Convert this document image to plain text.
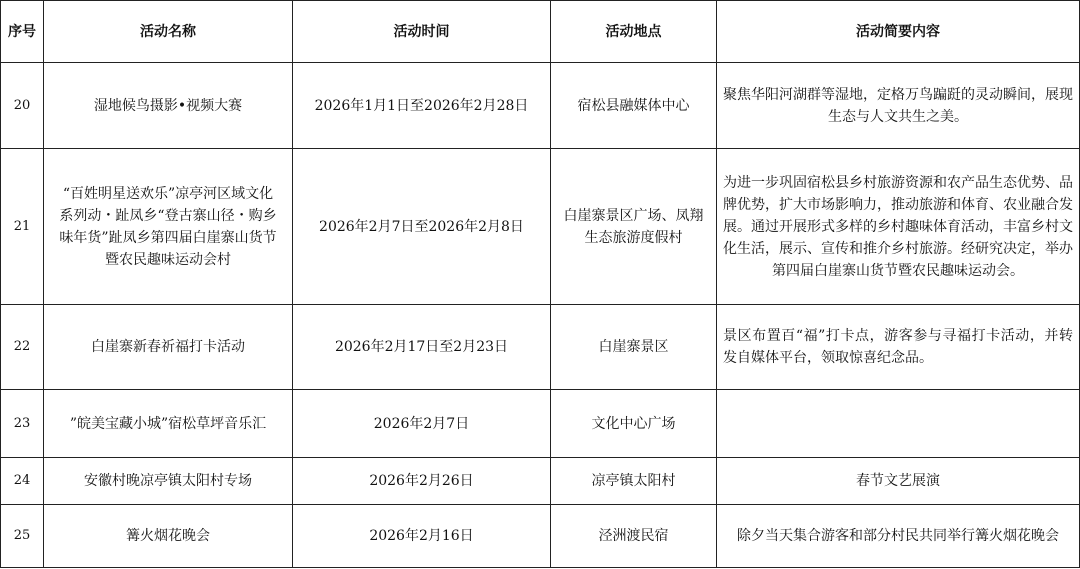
序号	活动名称	活动时间	活动地点	活动简要内容
20	湿地候鸟摄影•视频大赛	2026年1月1日至2026年2月28日	宿松县融媒体中心	聚焦华阳河湖群等湿地，定格万鸟蹁跹的灵动瞬间，展现生态与人文共生之美。
21	“百姓明星送欢乐”凉亭河区域文化系列动・趾凤乡“登古寨山径・购乡味年货”趾凤乡第四届白崖寨山货节暨农民趣味运动会村	2026年2月7日至2026年2月8日	白崖寨景区广场、凤翔生态旅游度假村	为进一步巩固宿松县乡村旅游资源和农产品生态优势、品牌优势，扩大市场影响力，推动旅游和体育、农业融合发展。通过开展形式多样的乡村趣味体育活动，丰富乡村文化生活，展示、宣传和推介乡村旅游。经研究决定，举办第四届白崖寨山货节暨农民趣味运动会。
22	白崖寨新春祈福打卡活动	2026年2月17日至2月23日	白崖寨景区	景区布置百“福”打卡点，游客参与寻福打卡活动，并转发自媒体平台，领取惊喜纪念品。
23	”皖美宝藏小城”宿松草坪音乐汇	2026年2月7日	文化中心广场	
24	安徽村晚凉亭镇太阳村专场	2026年2月26日	凉亭镇太阳村	春节文艺展演
25	篝火烟花晚会	2026年2月16日	泾洲渡民宿	除夕当天集合游客和部分村民共同举行篝火烟花晚会
